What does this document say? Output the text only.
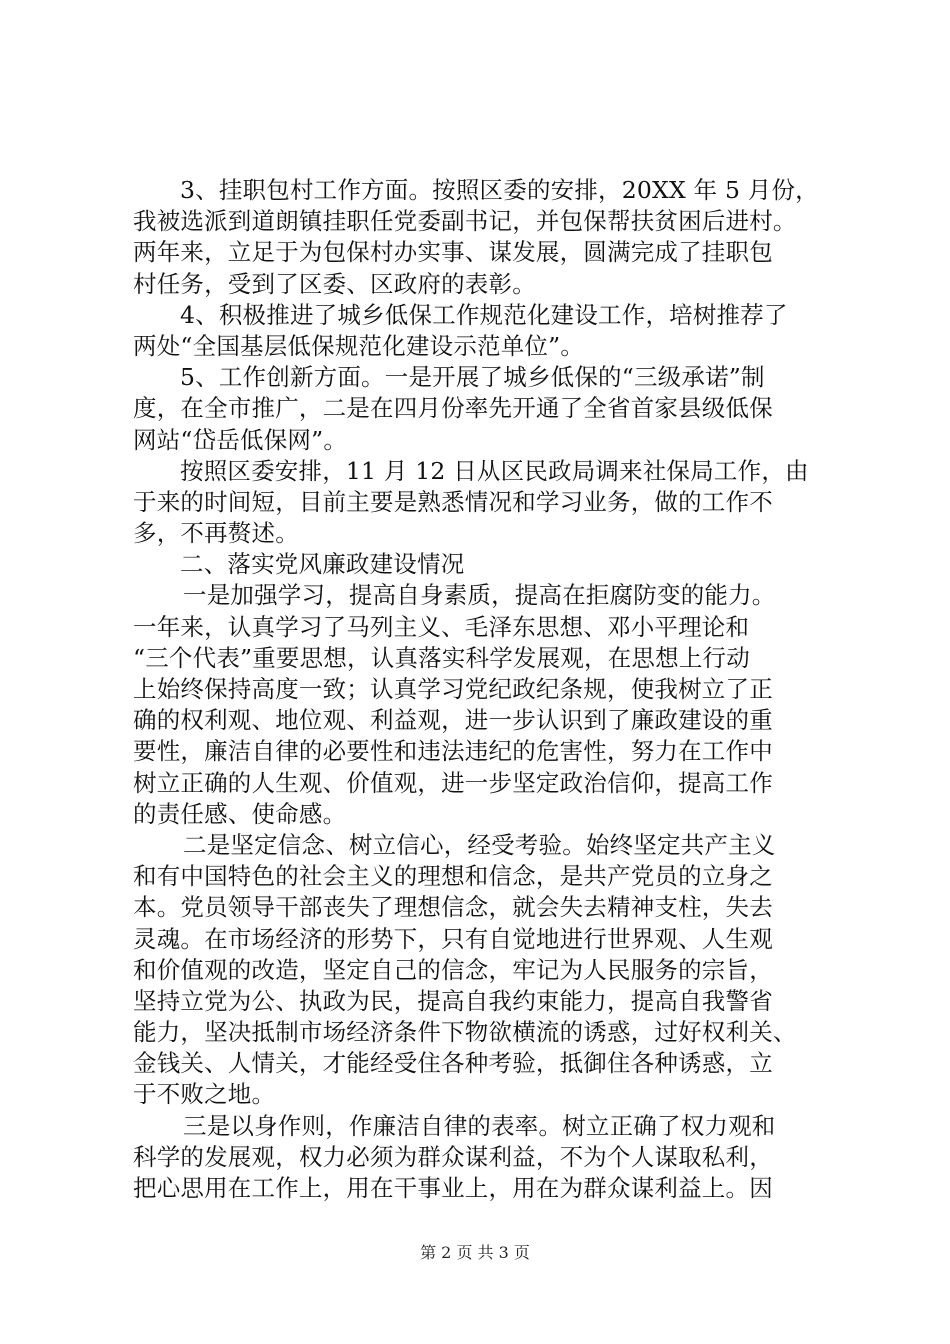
3、挂职包村工作方面。按照区委的安排，20XX 年 5 月份，
我被选派到道朗镇挂职任党委副书记，并包保帮扶贫困后进村。
两年来，立足于为包保村办实事、谋发展，圆满完成了挂职包
村任务，受到了区委、区政府的表彰。
4、积极推进了城乡低保工作规范化建设工作，培树推荐了
两处“全国基层低保规范化建设示范单位”。
5、工作创新方面。一是开展了城乡低保的“三级承诺”制
度，在全市推广，二是在四月份率先开通了全省首家县级低保
网站“岱岳低保网”。
按照区委安排，11 月 12 日从区民政局调来社保局工作，由
于来的时间短，目前主要是熟悉情况和学习业务，做的工作不
多，不再赘述。
二、落实党风廉政建设情况
一是加强学习，提高自身素质，提高在拒腐防变的能力。
一年来，认真学习了马列主义、毛泽东思想、邓小平理论和
“三个代表”重要思想，认真落实科学发展观，在思想上行动
上始终保持高度一致；认真学习党纪政纪条规，使我树立了正
确的权利观、地位观、利益观，进一步认识到了廉政建设的重
要性，廉洁自律的必要性和违法违纪的危害性，努力在工作中
树立正确的人生观、价值观，进一步坚定政治信仰，提高工作
的责任感、使命感。
二是坚定信念、树立信心，经受考验。始终坚定共产主义
和有中国特色的社会主义的理想和信念，是共产党员的立身之
本。党员领导干部丧失了理想信念，就会失去精神支柱，失去
灵魂。在市场经济的形势下，只有自觉地进行世界观、人生观
和价值观的改造，坚定自己的信念，牢记为人民服务的宗旨，
坚持立党为公、执政为民，提高自我约束能力，提高自我警省
能力，坚决抵制市场经济条件下物欲横流的诱惑，过好权利关、
金钱关、人情关，才能经受住各种考验，抵御住各种诱惑，立
于不败之地。
三是以身作则，作廉洁自律的表率。树立正确了权力观和
科学的发展观，权力必须为群众谋利益，不为个人谋取私利，
把心思用在工作上，用在干事业上，用在为群众谋利益上。因
第 2 页 共 3 页
